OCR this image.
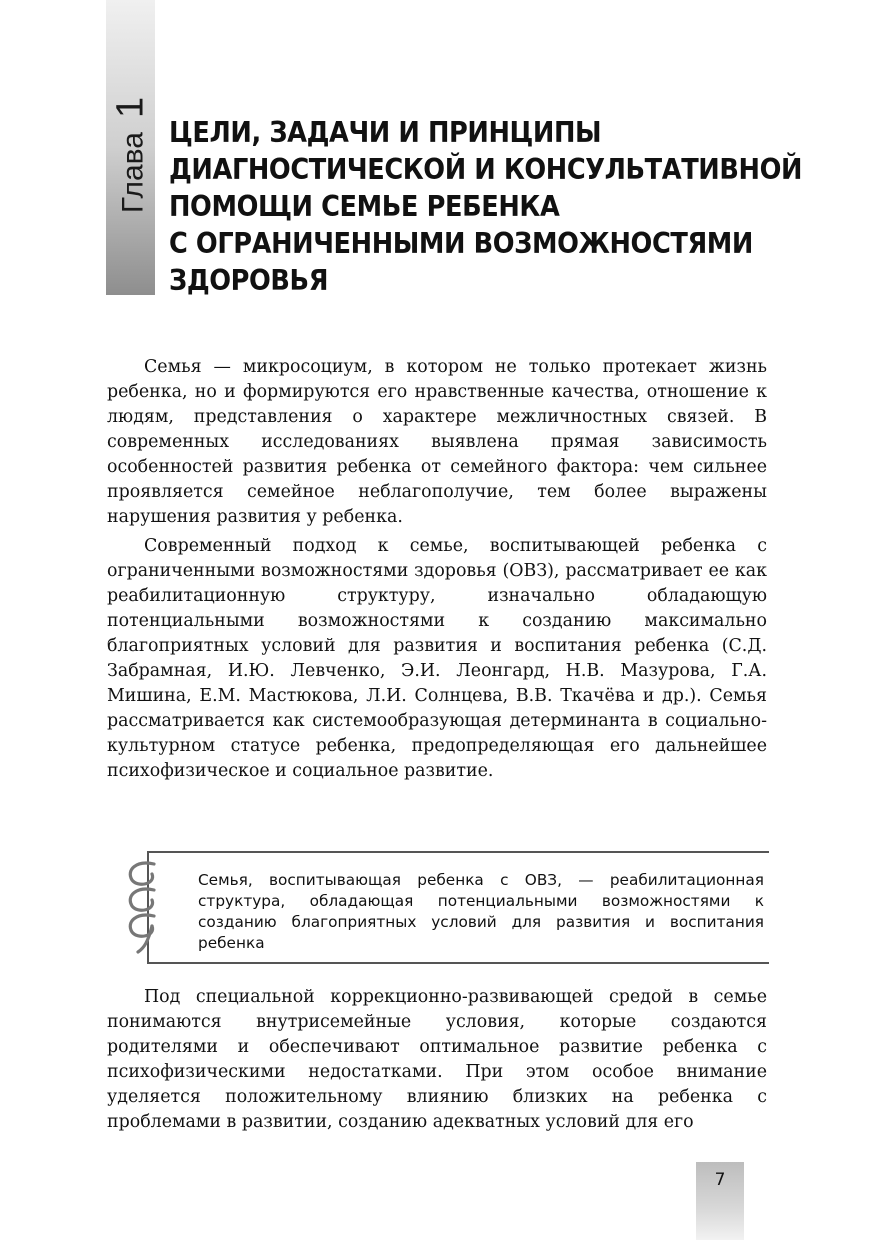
Глава1
ЦЕЛИ, ЗАДАЧИ И ПРИНЦИПЫ
ДИАГНОСТИЧЕСКОЙ И КОНСУЛЬТАТИВНОЙ
ПОМОЩИ СЕМЬЕ РЕБЕНКА
С ОГРАНИЧЕННЫМИ ВОЗМОЖНОСТЯМИ
ЗДОРОВЬЯ

Семья — микросоциум, в котором не только протекает жизнь ребенка, но и формируются его нравственные качества, отношение к людям, представления о характере межличностных связей. В современных исследованиях выявлена прямая зависимость особенностей развития ребенка от семейного фактора: чем сильнее проявляется семейное неблагополучие, тем более выражены нарушения развития у ребенка.

Современный подход к семье, воспитывающей ребенка с ограниченными возможностями здоровья (ОВЗ), рассматривает ее как реабилитационную структуру, изначально обладающую потенциальными возможностями к созданию максимально благоприятных условий для развития и воспитания ребенка (С.Д. Забрамная, И.Ю. Левченко, Э.И. Леонгард, Н.В. Мазурова, Г.А. Мишина, Е.М. Мастюкова, Л.И. Солнцева, В.В. Ткачёва и др.). Семья рассматривается как системообразующая детерминанта в социально-культурном статусе ребенка, предопределяющая его дальнейшее психофизическое и социальное развитие.

Семья, воспитывающая ребенка с ОВЗ, — реабилитационная структура, обладающая потенциальными возможностями к созданию благоприятных условий для развития и воспитания ребенка

Под специальной коррекционно-развивающей средой в семье понимаются внутрисемейные условия, которые создаются родителями и обеспечивают оптимальное развитие ребенка с психофизическими недостатками. При этом особое внимание уделяется положительному влиянию близких на ребенка с проблемами в развитии, созданию адекватных условий для его

7
